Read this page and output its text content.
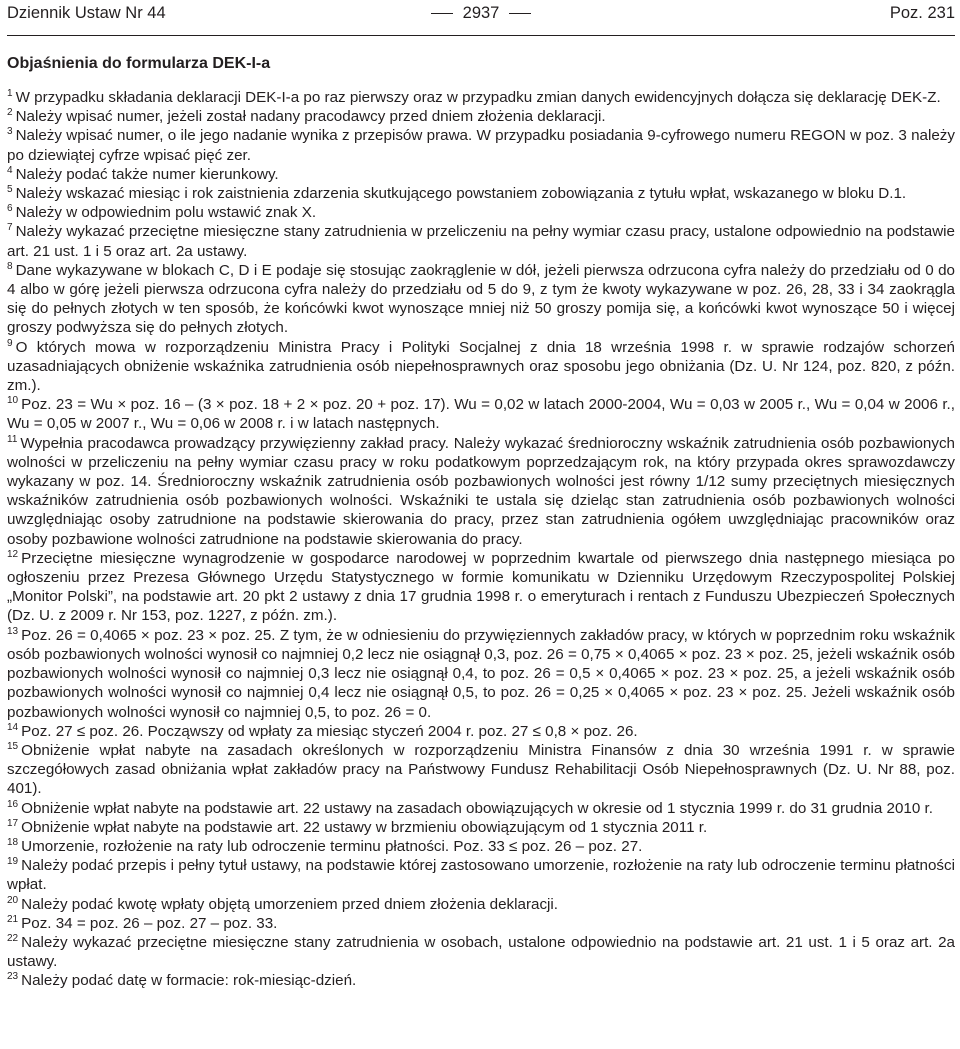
Dziennik Ustaw Nr 44	2937	Poz. 231
Objaśnienia do formularza DEK-I-a

$^1$ W przypadku składania deklaracji DEK-I-a po raz pierwszy oraz w przypadku zmian danych ewidencyjnych dołącza się deklarację DEK-Z.

$^2$ Należy wpisać numer, jeżeli został nadany pracodawcy przed dniem złożenia deklaracji.

$^3$ Należy wpisać numer, o ile jego nadanie wynika z przepisów prawa. W przypadku posiadania 9-cyfrowego numeru REGON w poz. 3 należy po dziewiątej cyfrze wpisać pięć zer.

$^4$ Należy podać także numer kierunkowy.

$^5$ Należy wskazać miesiąc i rok zaistnienia zdarzenia skutkującego powstaniem zobowiązania z tytułu wpłat, wskazanego w bloku D.1.

$^6$ Należy w odpowiednim polu wstawić znak X.

$^7$ Należy wykazać przeciętne miesięczne stany zatrudnienia w przeliczeniu na pełny wymiar czasu pracy, ustalone odpowiednio na podstawie art. 21 ust. 1 i 5 oraz art. 2a ustawy.

$^8$ Dane wykazywane w blokach C, D i E podaje się stosując zaokrąglenie w dół, jeżeli pierwsza odrzucona cyfra należy do przedziału od 0 do 4 albo w górę jeżeli pierwsza odrzucona cyfra należy do przedziału od 5 do 9, z tym że kwoty wykazywane w poz. 26, 28, 33 i 34 zaokrągla się do pełnych złotych w ten sposób, że końcówki kwot wynoszące mniej niż 50 groszy pomija się, a końcówki kwot wynoszące 50 i więcej groszy podwyższa się do pełnych złotych.

$^9$ O których mowa w rozporządzeniu Ministra Pracy i Polityki Socjalnej z dnia 18 września 1998 r. w sprawie rodzajów schorzeń uzasadniających obniżenie wskaźnika zatrudnienia osób niepełnosprawnych oraz sposobu jego obniżania (Dz. U. Nr 124, poz. 820, z późn. zm.).

$^{10}$ Poz. 23 = Wu × poz. 16 – (3 × poz. 18 + 2 × poz. 20 + poz. 17). Wu = 0,02 w latach 2000-2004, Wu = 0,03 w 2005 r., Wu = 0,04 w 2006 r., Wu = 0,05 w 2007 r., Wu = 0,06 w 2008 r. i w latach następnych.

$^{11}$ Wypełnia pracodawca prowadzący przywięzienny zakład pracy. Należy wykazać średnioroczny wskaźnik zatrudnienia osób pozbawionych wolności w przeliczeniu na pełny wymiar czasu pracy w roku podatkowym poprzedzającym rok, na który przypada okres sprawozdawczy wykazany w poz. 14. Średnioroczny wskaźnik zatrudnienia osób pozbawionych wolności jest równy 1/12 sumy przeciętnych miesięcznych wskaźników zatrudnienia osób pozbawionych wolności. Wskaźniki te ustala się dzieląc stan zatrudnienia osób pozbawionych wolności uwzględniając osoby zatrudnione na podstawie skierowania do pracy, przez stan zatrudnienia ogółem uwzględniając pracowników oraz osoby pozbawione wolności zatrudnione na podstawie skierowania do pracy.

$^{12}$ Przeciętne miesięczne wynagrodzenie w gospodarce narodowej w poprzednim kwartale od pierwszego dnia następnego miesiąca po ogłoszeniu przez Prezesa Głównego Urzędu Statystycznego w formie komunikatu w Dzienniku Urzędowym Rzeczypospolitej Polskiej „Monitor Polski”, na podstawie art. 20 pkt 2 ustawy z dnia 17 grudnia 1998 r. o emeryturach i rentach z Funduszu Ubezpieczeń Społecznych (Dz. U. z 2009 r. Nr 153, poz. 1227, z późn. zm.).

$^{13}$ Poz. 26 = 0,4065 × poz. 23 × poz. 25. Z tym, że w odniesieniu do przywięziennych zakładów pracy, w których w poprzednim roku wskaźnik osób pozbawionych wolności wynosił co najmniej 0,2 lecz nie osiągnął 0,3, poz. 26 = 0,75 × 0,4065 × poz. 23 × poz. 25, jeżeli wskaźnik osób pozbawionych wolności wynosił co najmniej 0,3 lecz nie osiągnął 0,4, to poz. 26 = 0,5 × 0,4065 × poz. 23 × poz. 25, a jeżeli wskaźnik osób pozbawionych wolności wynosił co najmniej 0,4 lecz nie osiągnął 0,5, to poz. 26 = 0,25 × 0,4065 × poz. 23 × poz. 25. Jeżeli wskaźnik osób pozbawionych wolności wynosił co najmniej 0,5, to poz. 26 = 0.

$^{14}$ Poz. 27 ≤ poz. 26. Począwszy od wpłaty za miesiąc styczeń 2004 r. poz. 27 ≤ 0,8 × poz. 26.

$^{15}$ Obniżenie wpłat nabyte na zasadach określonych w rozporządzeniu Ministra Finansów z dnia 30 września 1991 r. w sprawie szczegółowych zasad obniżania wpłat zakładów pracy na Państwowy Fundusz Rehabilitacji Osób Niepełnosprawnych (Dz. U. Nr 88, poz. 401).

$^{16}$ Obniżenie wpłat nabyte na podstawie art. 22 ustawy na zasadach obowiązujących w okresie od 1 stycznia 1999 r. do 31 grudnia 2010 r.

$^{17}$ Obniżenie wpłat nabyte na podstawie art. 22 ustawy w brzmieniu obowiązującym od 1 stycznia 2011 r.

$^{18}$ Umorzenie, rozłożenie na raty lub odroczenie terminu płatności. Poz. 33 ≤ poz. 26 – poz. 27.

$^{19}$ Należy podać przepis i pełny tytuł ustawy, na podstawie której zastosowano umorzenie, rozłożenie na raty lub odroczenie terminu płatności wpłat.

$^{20}$ Należy podać kwotę wpłaty objętą umorzeniem przed dniem złożenia deklaracji.

$^{21}$ Poz. 34 = poz. 26 – poz. 27 – poz. 33.

$^{22}$ Należy wykazać przeciętne miesięczne stany zatrudnienia w osobach, ustalone odpowiednio na podstawie art. 21 ust. 1 i 5 oraz art. 2a ustawy.

$^{23}$ Należy podać datę w formacie: rok-miesiąc-dzień.
